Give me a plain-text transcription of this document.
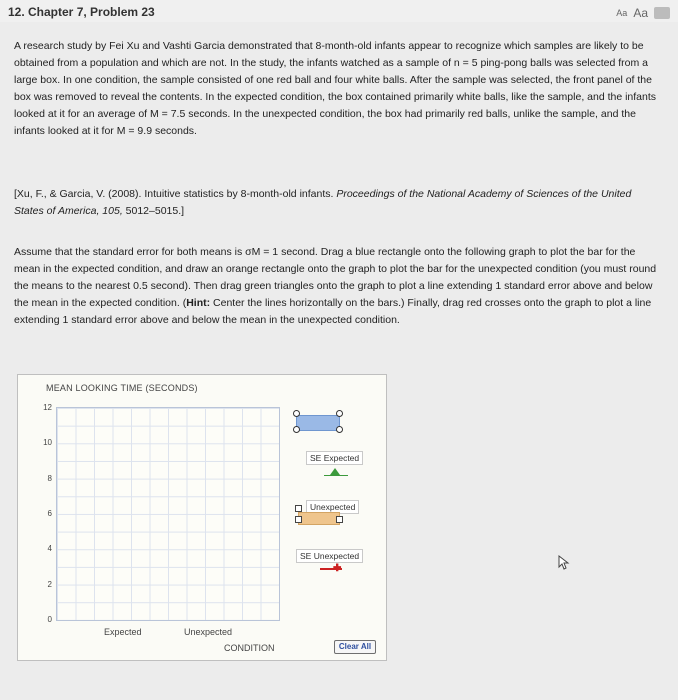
12. Chapter 7, Problem 23	Aa Aa
A research study by Fei Xu and Vashti Garcia demonstrated that 8-month-old infants appear to recognize which samples are likely to be obtained from a population and which are not. In the study, the infants watched as a sample of n = 5 ping-pong balls was selected from a large box. In one condition, the sample consisted of one red ball and four white balls. After the sample was selected, the front panel of the box was removed to reveal the contents. In the expected condition, the box contained primarily white balls, like the sample, and the infants looked at it for an average of M = 7.5 seconds. In the unexpected condition, the box had primarily red balls, unlike the sample, and the infants looked at it for M = 9.9 seconds.
[Xu, F., & Garcia, V. (2008). Intuitive statistics by 8-month-old infants. Proceedings of the National Academy of Sciences of the United States of America, 105, 5012–5015.]
Assume that the standard error for both means is σM = 1 second. Drag a blue rectangle onto the following graph to plot the bar for the mean in the expected condition, and draw an orange rectangle onto the graph to plot the bar for the unexpected condition (you must round the means to the nearest 0.5 second). Then drag green triangles onto the graph to plot a line extending 1 standard error above and below the mean in the expected condition. (Hint: Center the lines horizontally on the bars.) Finally, drag red crosses onto the graph to plot a line extending 1 standard error above and below the mean in the unexpected condition.
MEAN LOOKING TIME (SECONDS)
12
10
8
6
4
2
0
Expected	Unexpected
CONDITION
SE Expected
Unexpected
SE Unexpected
✚
Clear All
